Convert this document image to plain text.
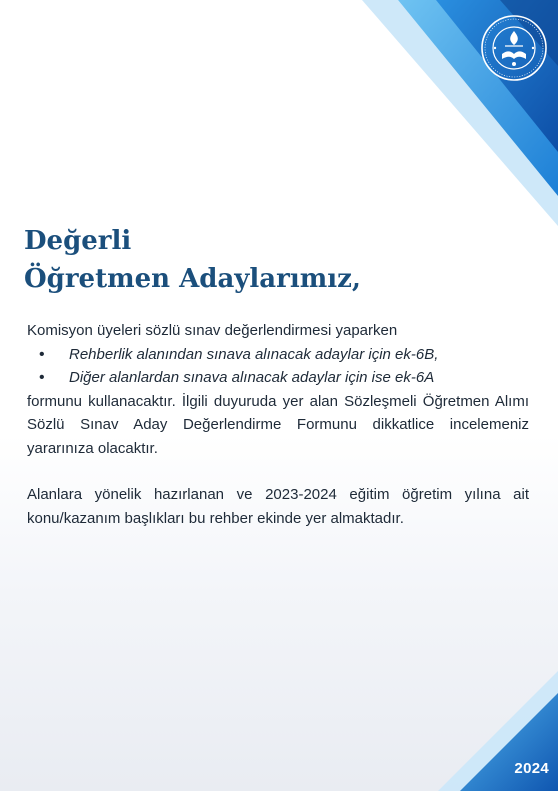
Değerli
Öğretmen Adaylarımız,

Komisyon üyeleri sözlü sınav değerlendirmesi yaparken

• Rehberlik alanından sınava alınacak adaylar için ek-6B,
• Diğer alanlardan sınava alınacak adaylar için ise ek-6A

formunu kullanacaktır. İlgili duyuruda yer alan Sözleşmeli Öğretmen Alımı Sözlü Sınav Aday Değerlendirme Formunu dikkatlice incelemeniz yararınıza olacaktır.

Alanlara yönelik hazırlanan ve 2023-2024 eğitim öğretim yılına ait konu/kazanım başlıkları bu rehber ekinde yer almaktadır.

2024
